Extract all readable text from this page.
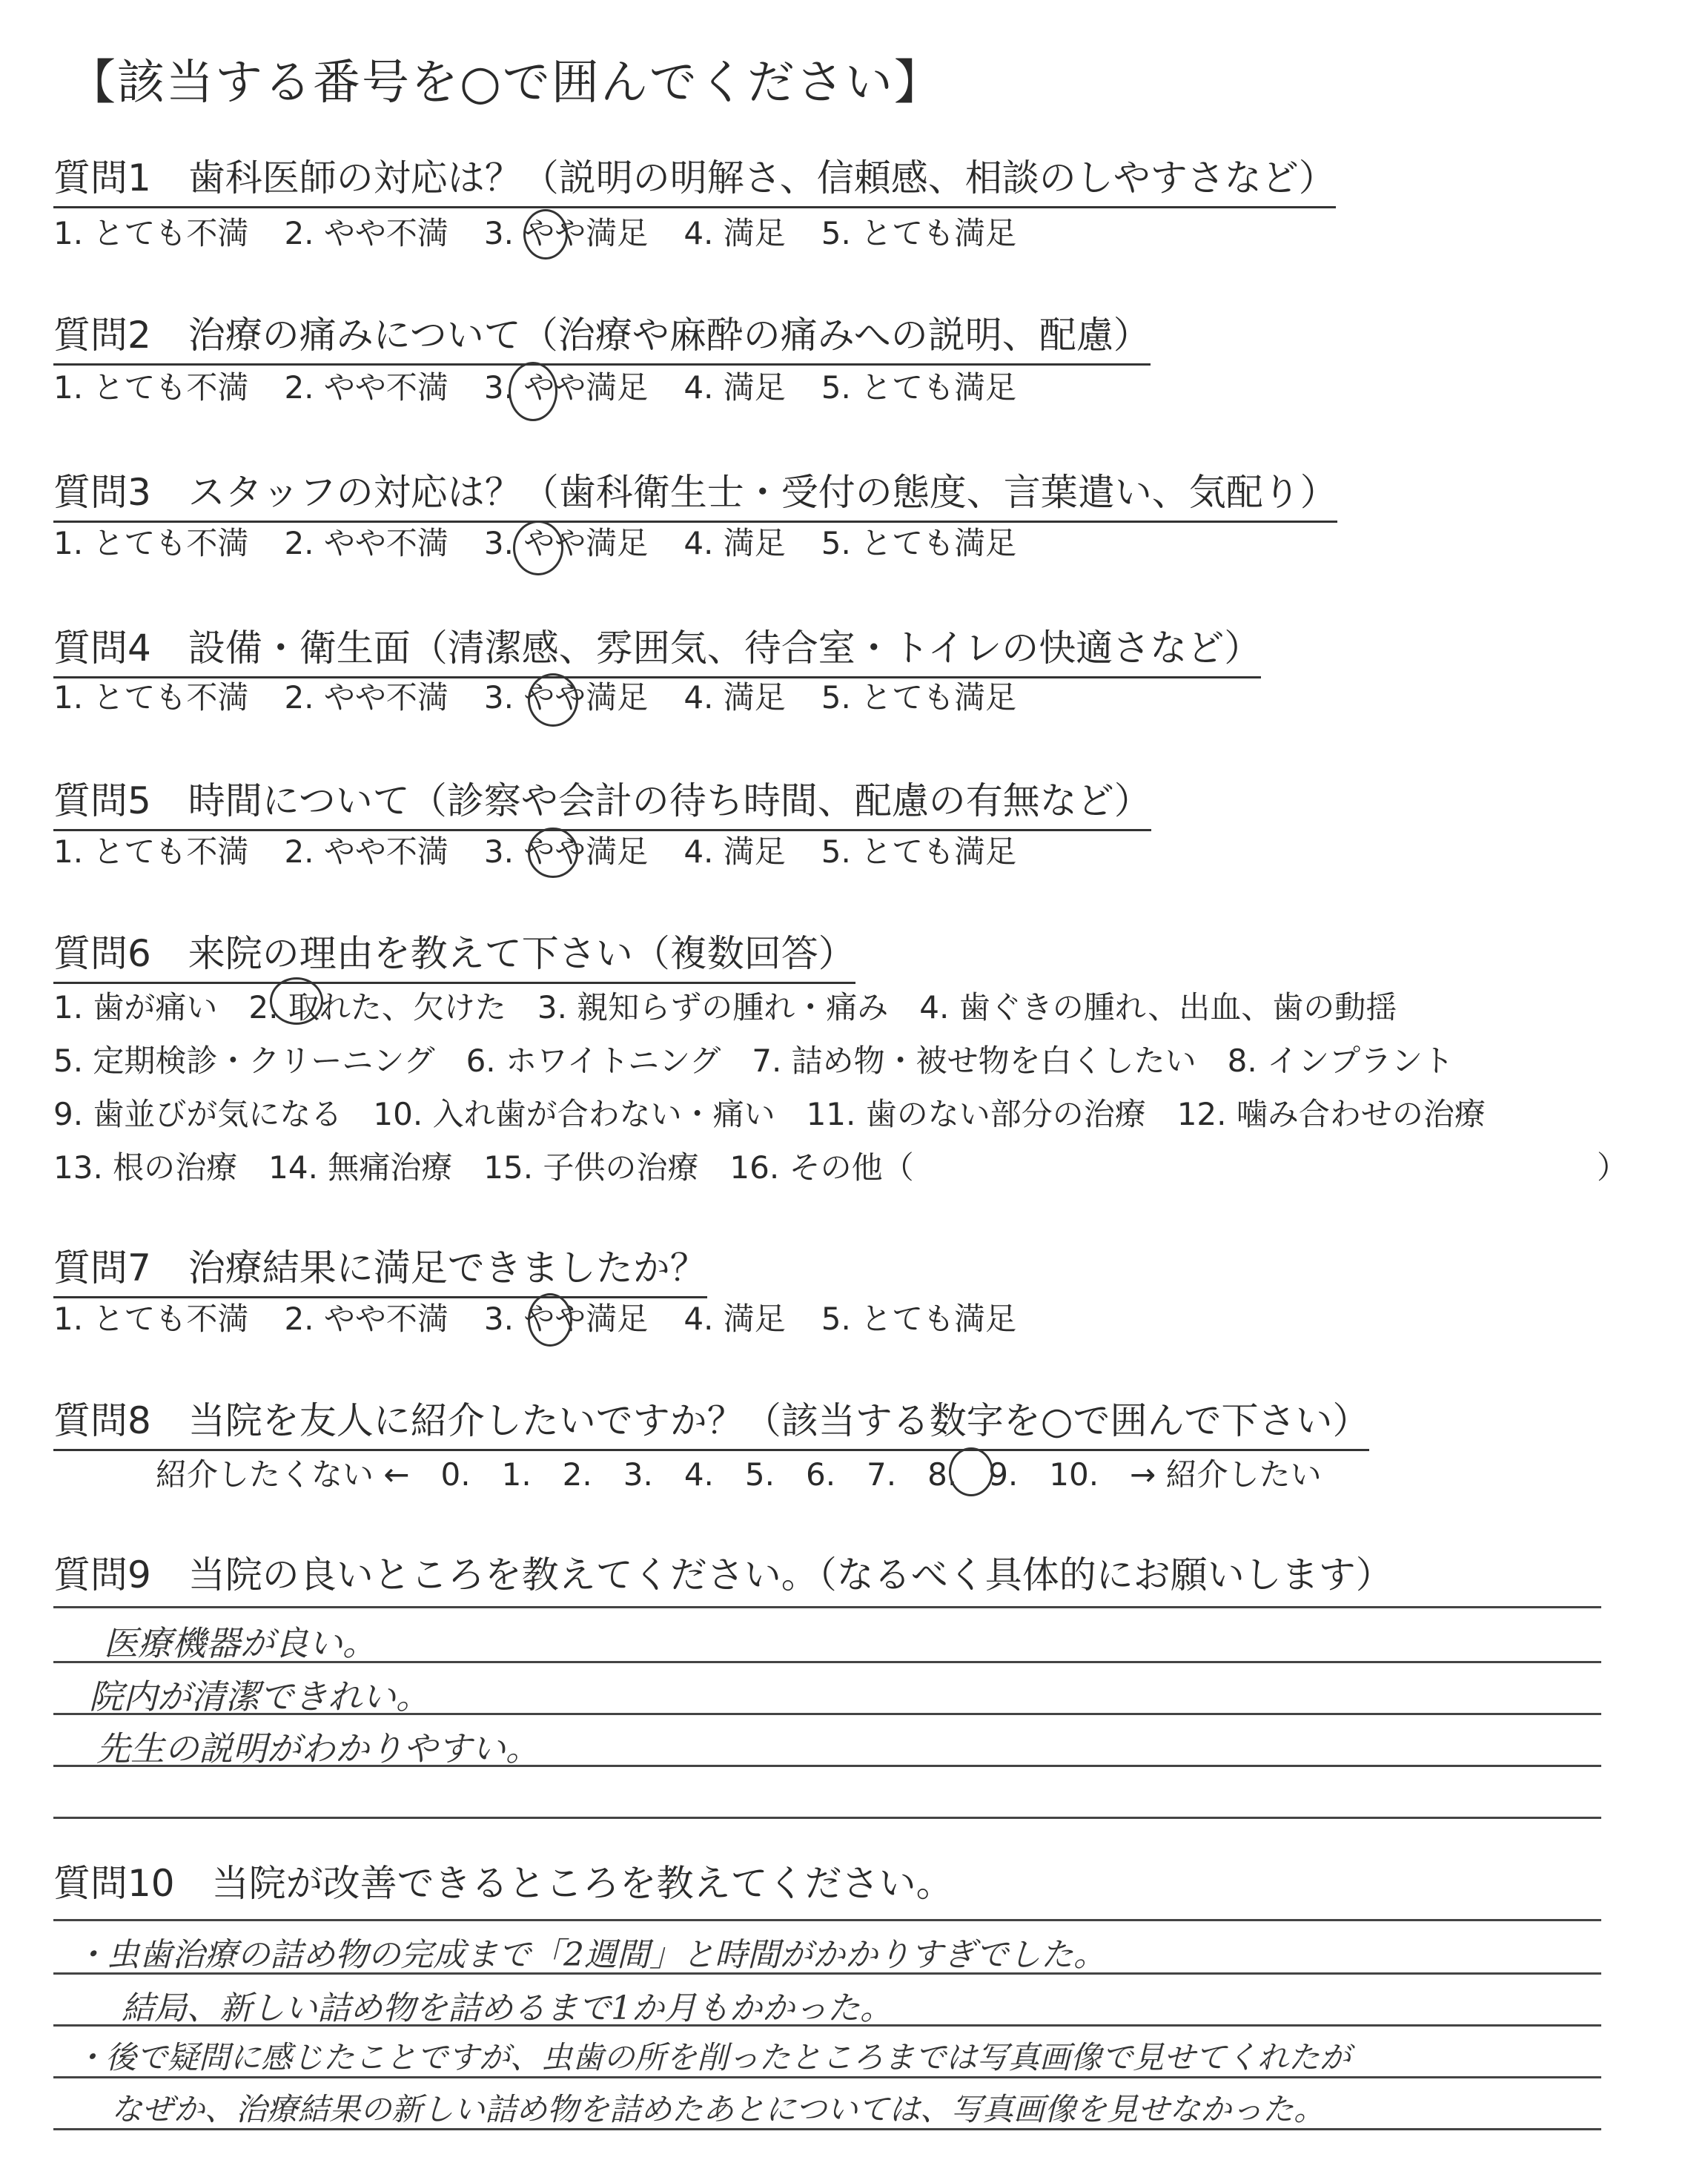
【該当する番号を○で囲んでください】
質問1　歯科医師の対応は？（説明の明解さ、信頼感、相談のしやすさなど）
1. とても不満 2. やや不満 3. やや満足 4. 満足 5. とても満足
質問2　治療の痛みについて（治療や麻酔の痛みへの説明、配慮）
1. とても不満 2. やや不満 3. やや満足 4. 満足 5. とても満足
質問3　スタッフの対応は？（歯科衛生士・受付の態度、言葉遣い、気配り）
1. とても不満 2. やや不満 3. やや満足 4. 満足 5. とても満足
質問4　設備・衛生面（清潔感、雰囲気、待合室・トイレの快適さなど）
1. とても不満 2. やや不満 3. やや満足 4. 満足 5. とても満足
質問5　時間について（診察や会計の待ち時間、配慮の有無など）
1. とても不満 2. やや不満 3. やや満足 4. 満足 5. とても満足
質問6　来院の理由を教えて下さい（複数回答）
1. 歯が痛い　2. 取れた、欠けた　3. 親知らずの腫れ・痛み　4. 歯ぐきの腫れ、出血、歯の動揺
5. 定期検診・クリーニング　6. ホワイトニング　7. 詰め物・被せ物を白くしたい　8. インプラント
9. 歯並びが気になる　10. 入れ歯が合わない・痛い　11. 歯のない部分の治療　12. 噛み合わせの治療
13. 根の治療　14. 無痛治療　15. 子供の治療　16. その他（	）
質問7　治療結果に満足できましたか？
1. とても不満 2. やや不満 3. やや満足 4. 満足 5. とても満足
質問8　当院を友人に紹介したいですか？（該当する数字を○で囲んで下さい）
紹介したくない ←　0.　1.　2.　3.　4.　5.　6.　7.　8.　9.　10.　→ 紹介したい
質問9　当院の良いところを教えてください。（なるべく具体的にお願いします）
医療機器が良い。
院内が清潔できれい。
先生の説明がわかりやすい。
質問10　当院が改善できるところを教えてください。
・虫歯治療の詰め物の完成まで「2週間」と時間がかかりすぎでした。
　結局、新しい詰め物を詰めるまで1か月もかかった。
・後で疑問に感じたことですが、虫歯の所を削ったところまでは写真画像で見せてくれたが
なぜか、治療結果の新しい詰め物を詰めたあとについては、写真画像を見せなかった。
